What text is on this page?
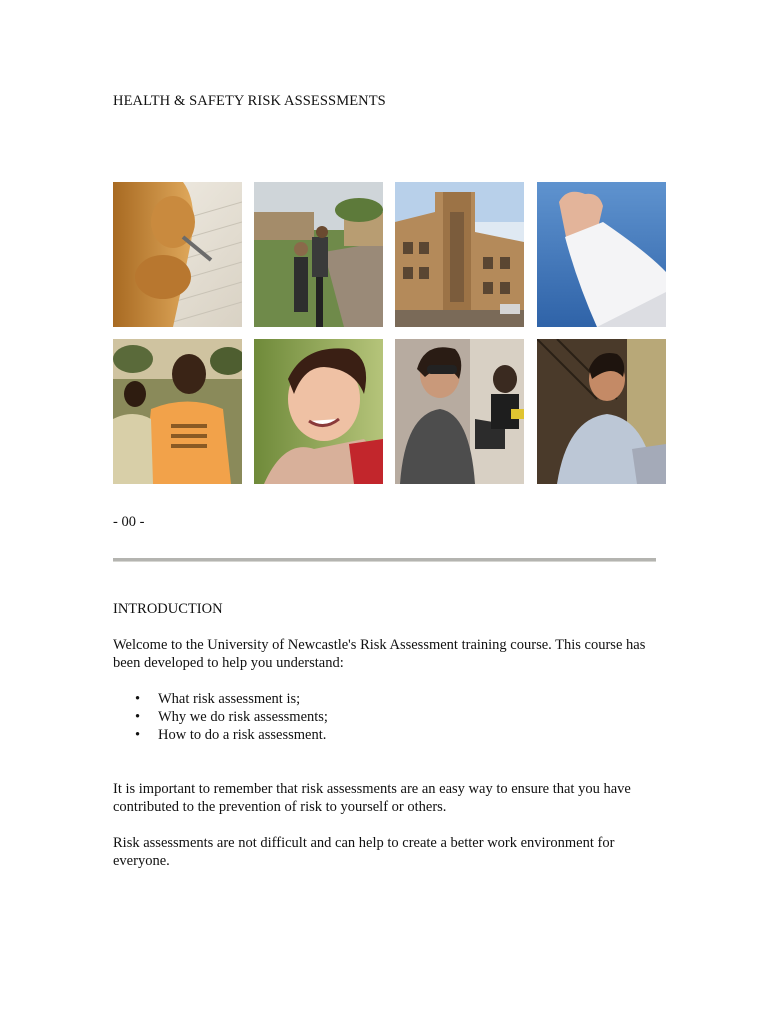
HEALTH & SAFETY RISK ASSESSMENTS
- 00 -
INTRODUCTION

Welcome to the University of Newcastle's Risk Assessment training course. This course has been developed to help you understand:

• What risk assessment is;
• Why we do risk assessments;
• How to do a risk assessment.

It is important to remember that risk assessments are an easy way to ensure that you have contributed to the prevention of risk to yourself or others.

Risk assessments are not difficult and can help to create a better work environment for everyone.
